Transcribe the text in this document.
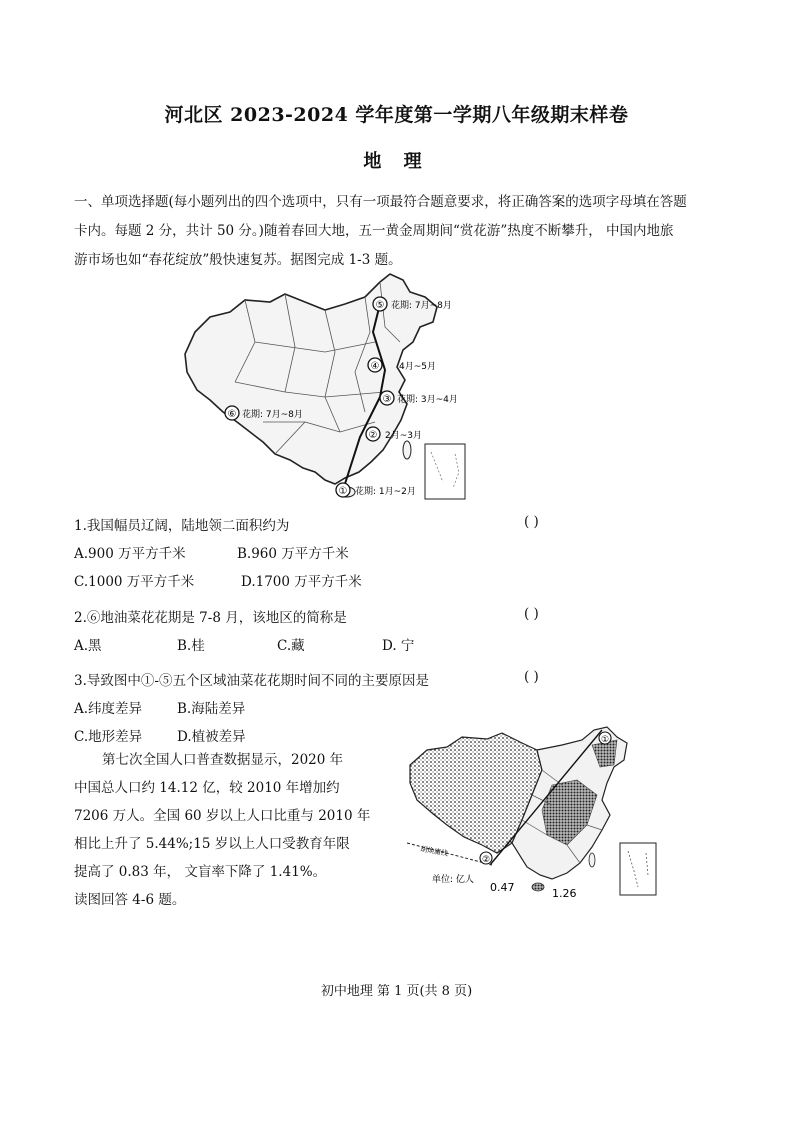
河北区 2023-2024 学年度第一学期八年级期末样卷
地 理
一、单项选择题(每小题列出的四个选项中，只有一项最符合题意要求，将正确答案的选项字母填在答题
卡内。每题 2 分，共计 50 分。)随着春回大地，五一黄金周期间“赏花游”热度不断攀升， 中国内地旅
游市场也如“春花绽放”般快速复苏。据图完成 1-3 题。
⑤ 花期: 7月~8月
④ 4月~5月
③ 花期: 3月~4月
⑥ 花期: 7月~8月
② 2月~3月
① 花期: 1月~2月
1.我国幅员辽阔，陆地领二面积约为	( )
A.900 万平方千米	B.960 万平方千米
C.1000 万平方千米	D.1700 万平方千米
2.⑥地油菜花花期是 7-8 月，该地区的简称是	( )
A.黑	B.桂	C.藏	D. 宁
3.导致图中①-⑤五个区域油菜花花期时间不同的主要原因是	( )
A.纬度差异	B.海陆差异
C.地形差异	D.植被差异
第七次全国人口普查数据显示，2020 年
中国总人口约 14.12 亿，较 2010 年增加约
7206 万人。全国 60 岁以上人口比重与 2010 年
相比上升了 5.44%;15 岁以上人口受教育年限
提高了 0.83 年， 文盲率下降了 1.41%。
读图回答 4-6 题。
胡焕庸线
①
②
单位: 亿人
0.47	1.26
初中地理 第 1 页(共 8 页)
